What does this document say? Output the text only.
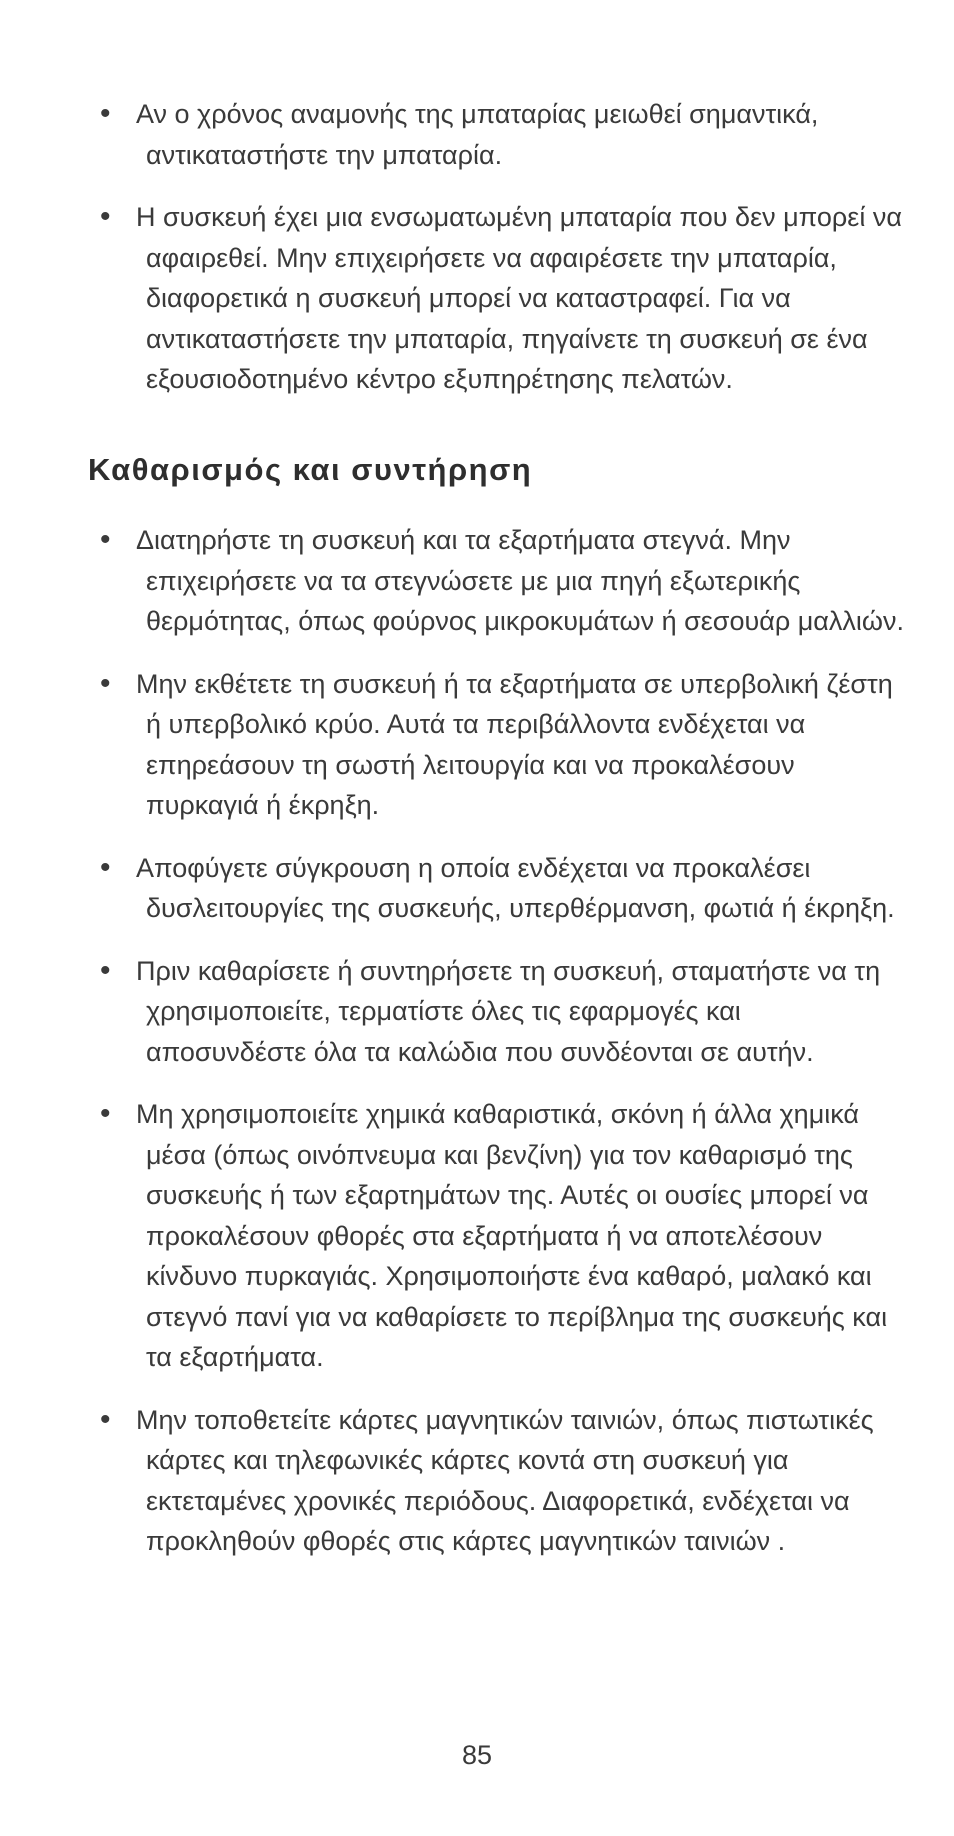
• Αν ο χρόνος αναμονής της μπαταρίας μειωθεί σημαντικά, αντικαταστήστε την μπαταρία.
• Η συσκευή έχει μια ενσωματωμένη μπαταρία που δεν μπορεί να αφαιρεθεί. Μην επιχειρήσετε να αφαιρέσετε την μπαταρία, διαφορετικά η συσκευή μπορεί να καταστραφεί. Για να αντικαταστήσετε την μπαταρία, πηγαίνετε τη συσκευή σε ένα εξουσιοδοτημένο κέντρο εξυπηρέτησης πελατών.
Καθαρισμός και συντήρηση
• Διατηρήστε τη συσκευή και τα εξαρτήματα στεγνά. Μην επιχειρήσετε να τα στεγνώσετε με μια πηγή εξωτερικής θερμότητας, όπως φούρνος μικροκυμάτων ή σεσουάρ μαλλιών.
• Μην εκθέτετε τη συσκευή ή τα εξαρτήματα σε υπερβολική ζέστη ή υπερβολικό κρύο. Αυτά τα περιβάλλοντα ενδέχεται να επηρεάσουν τη σωστή λειτουργία και να προκαλέσουν πυρκαγιά ή έκρηξη.
• Αποφύγετε σύγκρουση η οποία ενδέχεται να προκαλέσει δυσλειτουργίες της συσκευής, υπερθέρμανση, φωτιά ή έκρηξη.
• Πριν καθαρίσετε ή συντηρήσετε τη συσκευή, σταματήστε να τη χρησιμοποιείτε, τερματίστε όλες τις εφαρμογές και αποσυνδέστε όλα τα καλώδια που συνδέονται σε αυτήν.
• Μη χρησιμοποιείτε χημικά καθαριστικά, σκόνη ή άλλα χημικά μέσα (όπως οινόπνευμα και βενζίνη) για τον καθαρισμό της συσκευής ή των εξαρτημάτων της. Αυτές οι ουσίες μπορεί να προκαλέσουν φθορές στα εξαρτήματα ή να αποτελέσουν κίνδυνο πυρκαγιάς. Χρησιμοποιήστε ένα καθαρό, μαλακό και στεγνό πανί για να καθαρίσετε το περίβλημα της συσκευής και τα εξαρτήματα.
• Μην τοποθετείτε κάρτες μαγνητικών ταινιών, όπως πιστωτικές κάρτες και τηλεφωνικές κάρτες κοντά στη συσκευή για εκτεταμένες χρονικές περιόδους. Διαφορετικά, ενδέχεται να προκληθούν φθορές στις κάρτες μαγνητικών ταινιών .
85
